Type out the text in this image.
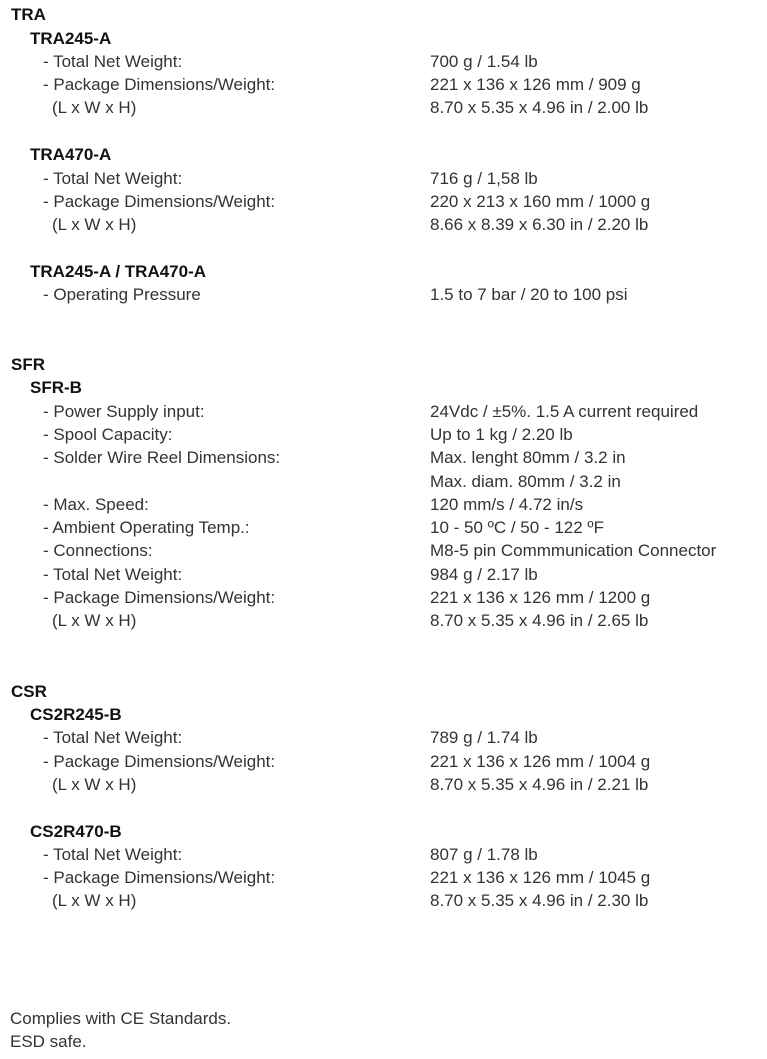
TRA
TRA245-A
- Total Net Weight:	700 g / 1.54 lb
- Package Dimensions/Weight:	221 x 136 x 126 mm / 909 g
(L x W x H)	8.70 x 5.35 x 4.96 in / 2.00 lb
TRA470-A
- Total Net Weight:	716 g / 1,58 lb
- Package Dimensions/Weight:	220 x 213 x 160 mm / 1000 g
(L x W x H)	8.66 x 8.39 x 6.30 in / 2.20 lb
TRA245-A / TRA470-A
- Operating Pressure	1.5 to 7 bar / 20 to 100 psi
SFR
SFR-B
- Power Supply input:	24Vdc / ±5%. 1.5 A current required
- Spool Capacity:	Up to 1 kg / 2.20 lb
- Solder Wire Reel Dimensions:	Max. lenght 80mm / 3.2 in
Max. diam. 80mm / 3.2 in
- Max. Speed:	120 mm/s / 4.72 in/s
- Ambient Operating Temp.:	10 - 50 ºC / 50 - 122 ºF
- Connections:	M8-5 pin Commmunication Connector
- Total Net Weight:	984 g / 2.17 lb
- Package Dimensions/Weight:	221 x 136 x 126 mm / 1200 g
(L x W x H)	8.70 x 5.35 x 4.96 in / 2.65 lb
CSR
CS2R245-B
- Total Net Weight:	789 g / 1.74 lb
- Package Dimensions/Weight:	221 x 136 x 126 mm / 1004 g
(L x W x H)	8.70 x 5.35 x 4.96 in / 2.21 lb
CS2R470-B
- Total Net Weight:	807 g / 1.78 lb
- Package Dimensions/Weight:	221 x 136 x 126 mm / 1045 g
(L x W x H)	8.70 x 5.35 x 4.96 in / 2.30 lb
Complies with CE Standards.
ESD safe.
